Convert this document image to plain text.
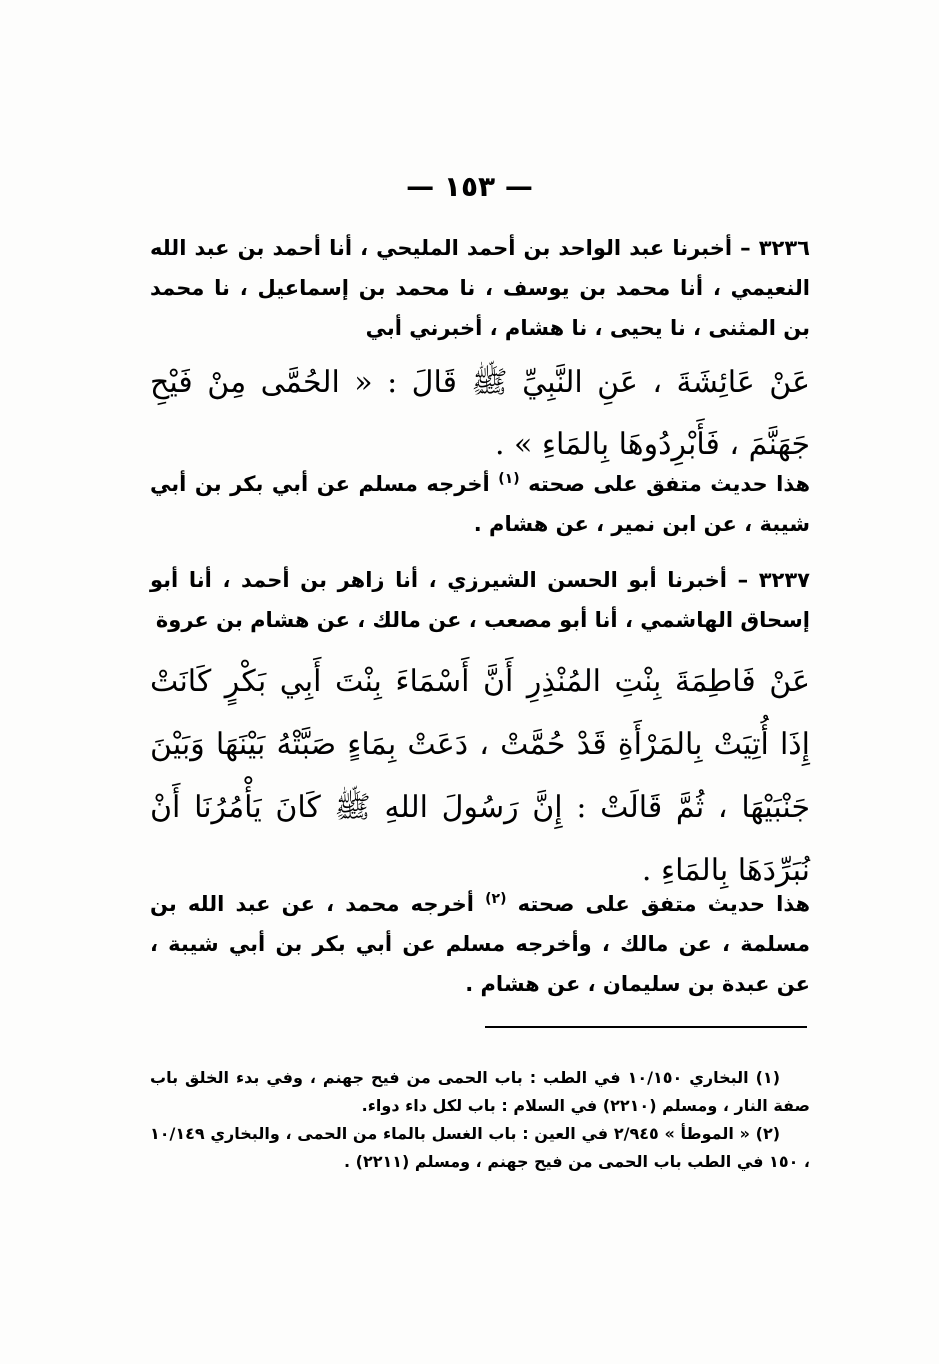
— ١٥٣ —
٣٢٣٦ – أخبرنا عبد الواحد بن أحمد المليحي ، أنا أحمد بن عبد الله النعيمي ، أنا محمد بن يوسف ، نا محمد بن إسماعيل ، نا محمد بن المثنى ، نا يحيى ، نا هشام ، أخبرني أبي
عَنْ عَائِشَةَ ، عَنِ النَّبِيِّ ﷺ قَالَ : « الحُمَّى مِنْ فَيْحِ جَهَنَّمَ ، فَأَبْرِدُوهَا بِالمَاءِ » .
هذا حديث متفق على صحته $^{(١)}$ أخرجه مسلم عن أبي بكر بن أبي شيبة ، عن ابن نمير ، عن هشام .
٣٢٣٧ – أخبرنا أبو الحسن الشيرزي ، أنا زاهر بن أحمد ، أنا أبو إسحاق الهاشمي ، أنا أبو مصعب ، عن مالك ، عن هشام بن عروة
عَنْ فَاطِمَةَ بِنْتِ المُنْذِرِ أَنَّ أَسْمَاءَ بِنْتَ أَبِي بَكْرٍ كَانَتْ إِذَا أُتِيَتْ بِالمَرْأَةِ قَدْ حُمَّتْ ، دَعَتْ بِمَاءٍ صَبَّتْهُ بَيْنَهَا وَبَيْنَ جَنْبَيْهَا ، ثُمَّ قَالَتْ : إِنَّ رَسُولَ اللهِ ﷺ كَانَ يَأْمُرُنَا أَنْ نُبَرِّدَهَا بِالمَاءِ .
هذا حديث متفق على صحته $^{(٢)}$ أخرجه محمد ، عن عبد الله بن مسلمة ، عن مالك ، وأخرجه مسلم عن أبي بكر بن أبي شيبة ، عن عبدة بن سليمان ، عن هشام .

(١) البخاري ١٠/١٥٠ في الطب : باب الحمى من فيح جهنم ، وفي بدء الخلق باب صفة النار ، ومسلم (٢٢١٠) في السلام : باب لكل داء دواء.

(٢) « الموطأ » ٢/٩٤٥ في العين : باب الغسل بالماء من الحمى ، والبخاري ١٠/١٤٩ ، ١٥٠ في الطب باب الحمى من فيح جهنم ، ومسلم (٢٢١١) .
